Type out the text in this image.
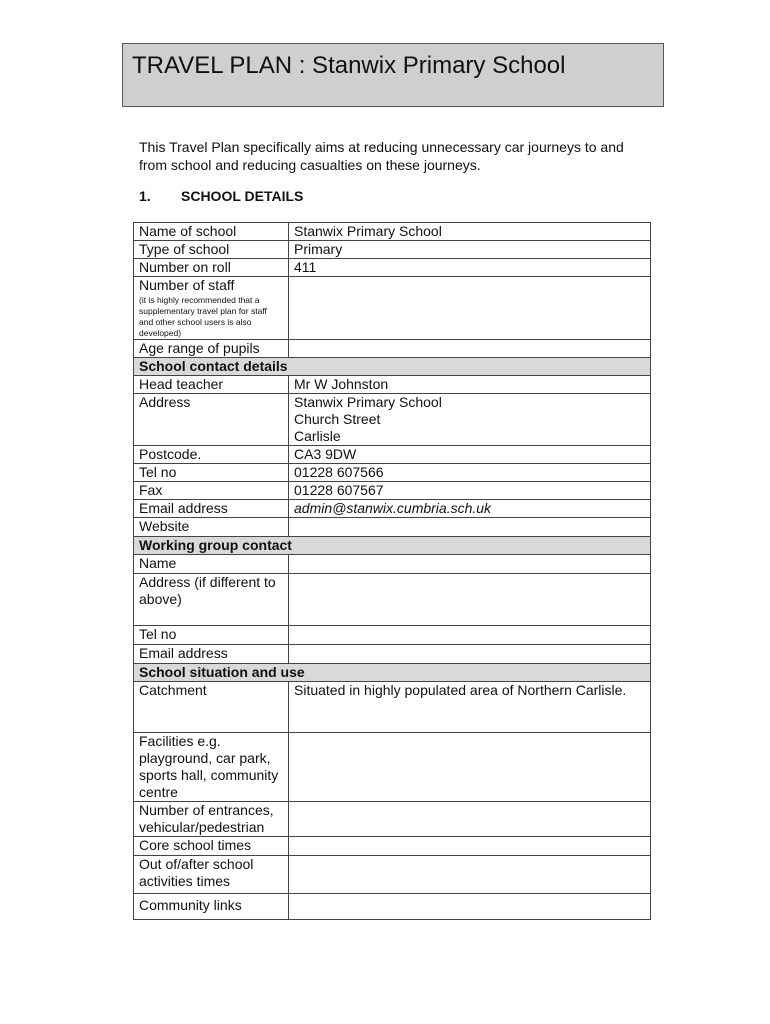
TRAVEL PLAN : Stanwix Primary School
This Travel Plan specifically aims at reducing unnecessary car journeys to and from school and reducing casualties on these journeys.
1. SCHOOL DETAILS
Name of school	Stanwix Primary School
Type of school	Primary
Number on roll	411

Number of staff
(it is highly recommended that a supplementary travel plan for staff and other school users is also developed)	

Age range of pupils	
School contact details	
Head teacher	Mr W Johnston
Address	Stanwix Primary School
Church Street
Carlisle

Postcode.	CA3 9DW
Tel no	01228 607566
Fax	01228 607567
Email address	admin@stanwix.cumbria.sch.uk
Website	
Working group contact	
Name	
Address (if different to above)	
Tel no	
Email address	
School situation and use	
Catchment	Situated in highly populated area of Northern Carlisle.
Facilities e.g. playground, car park, sports hall, community centre	
Number of entrances, vehicular/pedestrian	
Core school times	
Out of/after school activities times	
Community links	
